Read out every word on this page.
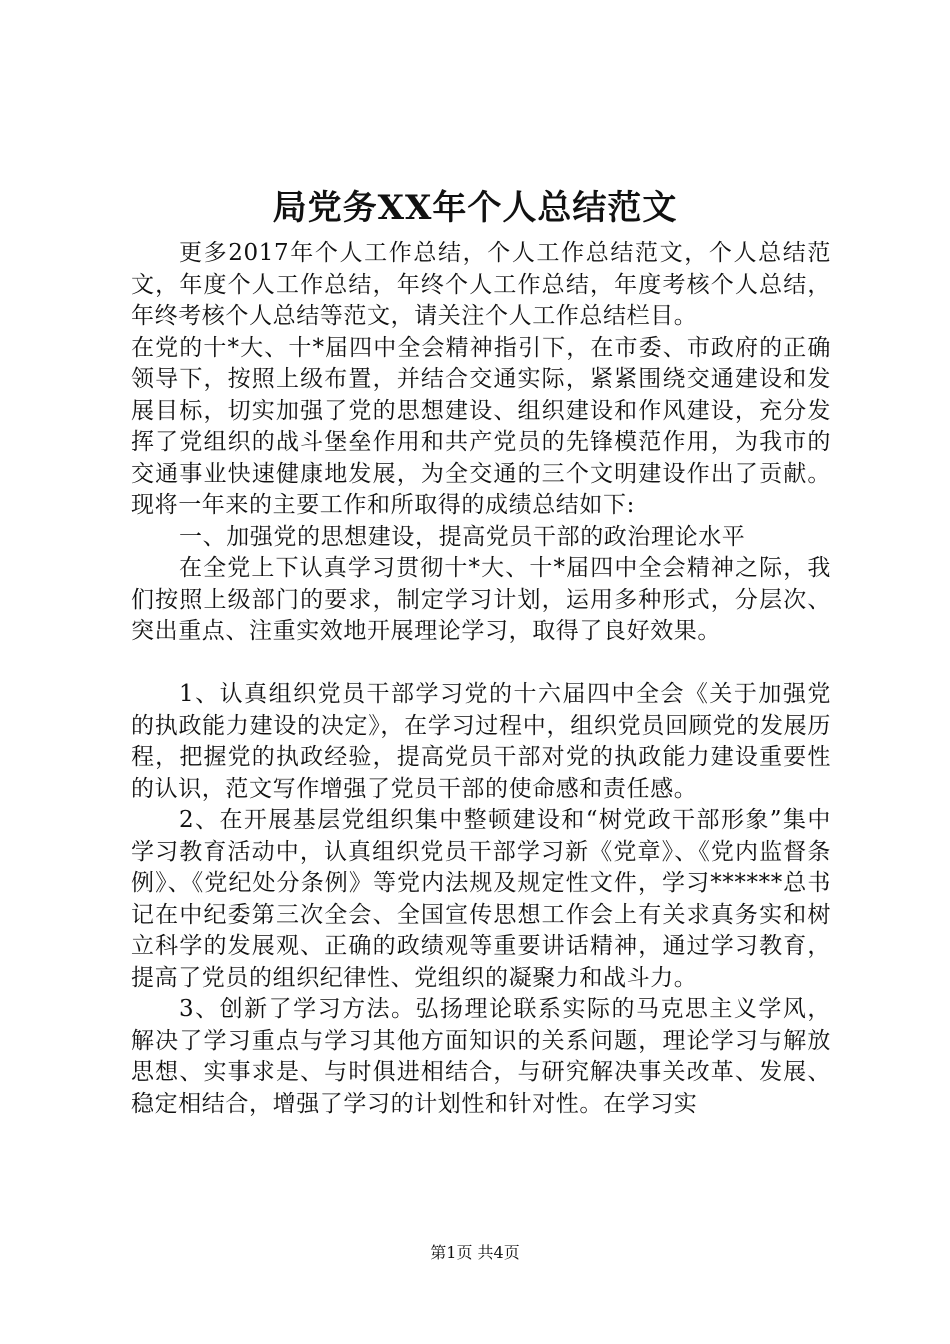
局党务XX年个人总结范文

更多2017年个人工作总结，个人工作总结范文，个人总结范文，年度个人工作总结，年终个人工作总结，年度考核个人总结，年终考核个人总结等范文，请关注个人工作总结栏目。

在党的十*大、十*届四中全会精神指引下，在市委、市政府的正确领导下，按照上级布置，并结合交通实际，紧紧围绕交通建设和发展目标，切实加强了党的思想建设、组织建设和作风建设，充分发挥了党组织的战斗堡垒作用和共产党员的先锋模范作用，为我市的交通事业快速健康地发展，为全交通的三个文明建设作出了贡献。现将一年来的主要工作和所取得的成绩总结如下:

一、加强党的思想建设，提高党员干部的政治理论水平

在全党上下认真学习贯彻十*大、十*届四中全会精神之际，我们按照上级部门的要求，制定学习计划，运用多种形式，分层次、突出重点、注重实效地开展理论学习，取得了良好效果。

1、认真组织党员干部学习党的十六届四中全会《关于加强党的执政能力建设的决定》，在学习过程中，组织党员回顾党的发展历程，把握党的执政经验，提高党员干部对党的执政能力建设重要性的认识，范文写作增强了党员干部的使命感和责任感。

2、在开展基层党组织集中整顿建设和“树党政干部形象”集中学习教育活动中，认真组织党员干部学习新《党章》、《党内监督条例》、《党纪处分条例》等党内法规及规定性文件，学习******总书记在中纪委第三次全会、全国宣传思想工作会上有关求真务实和树立科学的发展观、正确的政绩观等重要讲话精神，通过学习教育，提高了党员的组织纪律性、党组织的凝聚力和战斗力。

3、创新了学习方法。弘扬理论联系实际的马克思主义学风，解决了学习重点与学习其他方面知识的关系问题，理论学习与解放思想、实事求是、与时俱进相结合，与研究解决事关改革、发展、稳定相结合，增强了学习的计划性和针对性。在学习实

第1页 共4页
